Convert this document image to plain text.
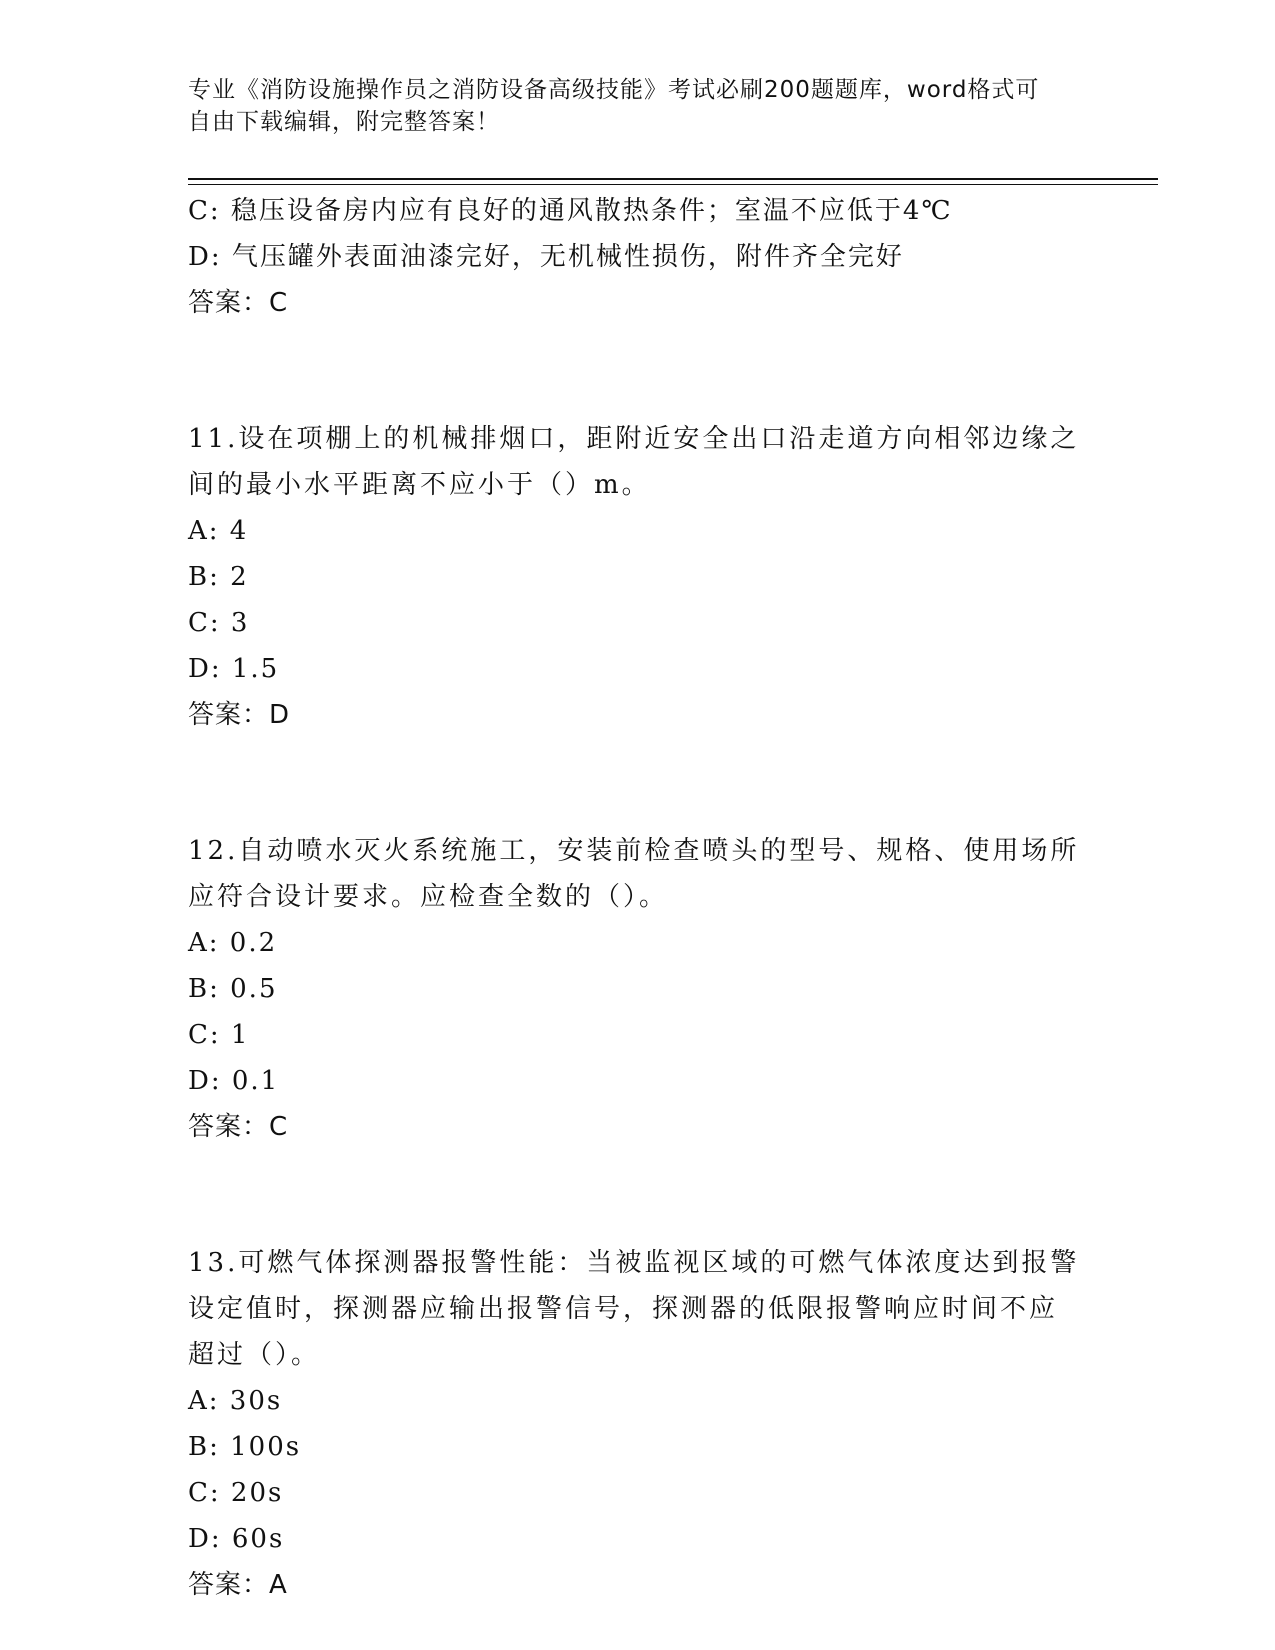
专业《消防设施操作员之消防设备高级技能》考试必刷200题题库，word格式可
自由下载编辑，附完整答案！
C: 稳压设备房内应有良好的通风散热条件；室温不应低于4℃
D: 气压罐外表面油漆完好，无机械性损伤，附件齐全完好
答案：C
11.设在项棚上的机械排烟口，距附近安全出口沿走道方向相邻边缘之
间的最小水平距离不应小于（）m。
A: 4
B: 2
C: 3
D: 1.5
答案：D
12.自动喷水灭火系统施工，安装前检查喷头的型号、规格、使用场所
应符合设计要求。应检查全数的（）。
A: 0.2
B: 0.5
C: 1
D: 0.1
答案：C
13.可燃气体探测器报警性能：当被监视区域的可燃气体浓度达到报警
设定值时，探测器应输出报警信号，探测器的低限报警响应时间不应
超过（）。
A: 30s
B: 100s
C: 20s
D: 60s
答案：A
